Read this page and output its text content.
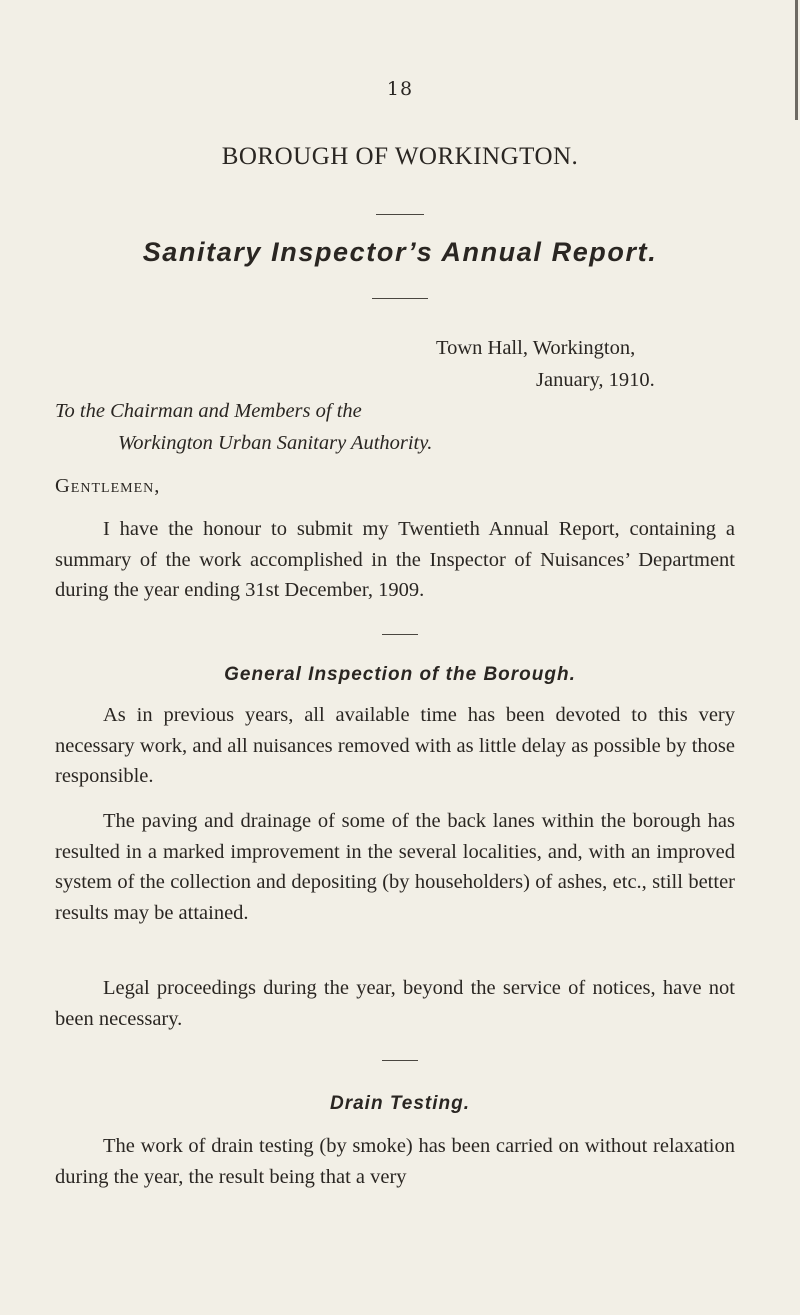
18
BOROUGH OF WORKINGTON.
Sanitary Inspector’s Annual Report.
Town Hall, Workington,
January, 1910.
To the Chairman and Members of the
Workington Urban Sanitary Authority.
Gentlemen,
I have the honour to submit my Twentieth Annual Report, containing a summary of the work accomplished in the Inspector of Nuisances’ Department during the year ending 31st December, 1909.
General Inspection of the Borough.
As in previous years, all available time has been devoted to this very necessary work, and all nuisances removed with as little delay as possible by those responsible.
The paving and drainage of some of the back lanes within the borough has resulted in a marked improvement in the several localities, and, with an improved system of the collection and depositing (by householders) of ashes, etc., still better results may be attained.
Legal proceedings during the year, beyond the service of notices, have not been necessary.
Drain Testing.
The work of drain testing (by smoke) has been carried on without relaxation during the year, the result being that a very
